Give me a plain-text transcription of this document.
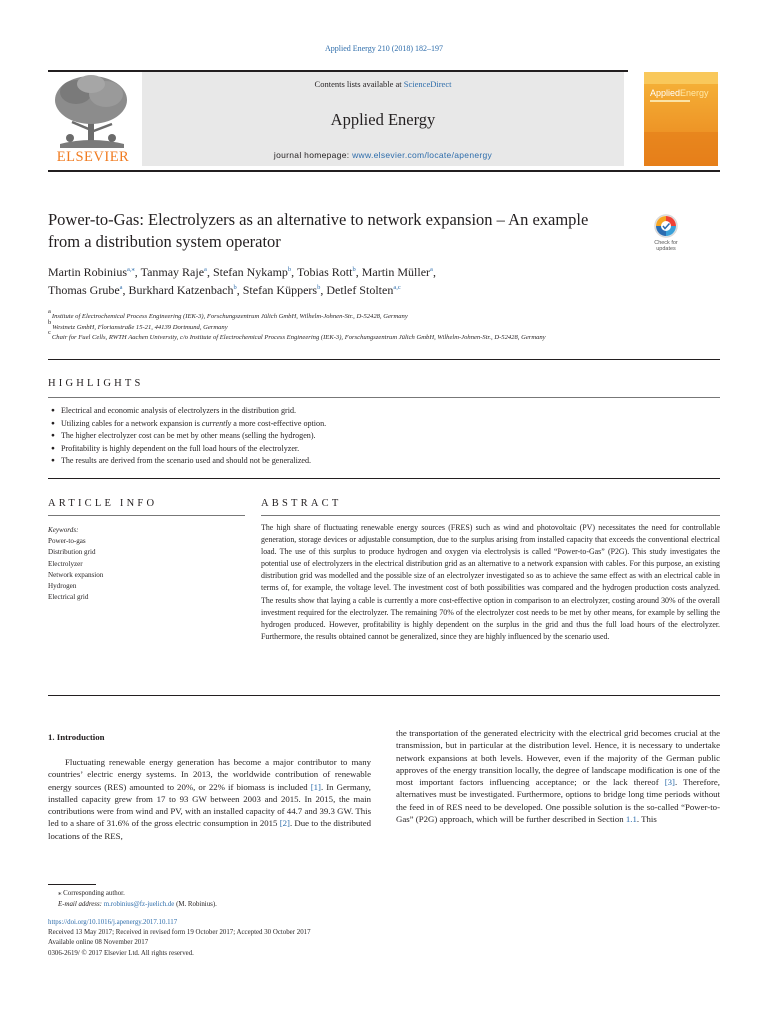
Applied Energy 210 (2018) 182–197
ELSEVIER
Contents lists available at ScienceDirect
Applied Energy
journal homepage: www.elsevier.com/locate/apenergy
Applied Energy
Power-to-Gas: Electrolyzers as an alternative to network expansion – An example from a distribution system operator	Check for
updates
Martin Robinius$^{a,⁎}$, Tanmay Raje$^a$, Stefan Nykamp$^b$, Tobias Rott$^b$, Martin Müller$^a$,
Thomas Grube$^a$, Burkhard Katzenbach$^b$, Stefan Küppers$^b$, Detlef Stolten$^{a,c}$
$^a$Institute of Electrochemical Process Engineering (IEK-3), Forschungszentrum Jülich GmbH, Wilhelm-Johnen-Str., D-52428, Germany
$^b$Westnetz GmbH, Florianstraße 15-21, 44139 Dortmund, Germany
$^c$Chair for Fuel Cells, RWTH Aachen University, c/o Institute of Electrochemical Process Engineering (IEK-3), Forschungszentrum Jülich GmbH, Wilhelm-Johnen-Str., D-52428, Germany
HIGHLIGHTS
● Electrical and economic analysis of electrolyzers in the distribution grid.
● Utilizing cables for a network expansion is currently a more cost-effective option.
● The higher electrolyzer cost can be met by other means (selling the hydrogen).
● Profitability is highly dependent on the full load hours of the electrolyzer.
● The results are derived from the scenario used and should not be generalized.
ARTICLE INFO	ABSTRACT
Keywords:
Power-to-gas
Distribution grid
Electrolyzer
Network expansion
Hydrogen
Electrical grid

The high share of fluctuating renewable energy sources (FRES) such as wind and photovoltaic (PV) necessitates the need for controllable generation, storage devices or adjustable consumption, due to the surplus arising from installed capacity that exceeds the conventional electrical load. The use of this surplus to produce hydrogen and oxygen via electrolysis is called “Power-to-Gas” (P2G). This study investigates the potential use of electrolyzers in the electrical distribution grid as an alternative to a network expansion with cables. For this purpose, an existing distribution grid was modelled and the possible size of an electrolyzer investigated so as to achieve the same effect as with an electrical cable in terms of, for example, the voltage level. The investment cost of both possibilities was compared and the hydrogen production costs analyzed. The results show that laying a cable is currently a more cost-effective option in comparison to an electrolyzer, costing around 30% of the overall investment required for the electrolyzer. The remaining 70% of the electrolyzer cost needs to be met by other means, for example by selling the hydrogen produced. However, profitability is highly dependent on the surplus in the grid and thus the full load hours of the electrolyzer. Furthermore, the results obtained cannot be generalized, since they are highly influenced by the scenario used.

1. Introduction

Fluctuating renewable energy generation has become a major contributor to many countries’ electric energy systems. In 2013, the worldwide contribution of renewable energy sources (RES) amounted to 20%, or 22% if biomass is included [1]. In Germany, installed capacity grew from 17 to 93 GW between 2003 and 2015. In 2015, the main contributions were from wind and PV, with an installed capacity of 44.7 and 39.3 GW. This led to a share of 31.6% of the gross electric consumption in 2015 [2]. Due to the distributed locations of the RES,

the transportation of the generated electricity with the electrical grid becomes crucial at the transmission, but in particular at the distribution level. Hence, it is necessary to undertake network expansions at both levels. However, even if the majority of the German public approves of the energy transition locally, the degree of landscape modification is one of the most important factors influencing acceptance; or the lack thereof [3]. Therefore, alternatives must be investigated. Furthermore, options to bridge long time periods without the feed in of RES need to be developed. One possible solution is the so-called “Power-to-Gas” (P2G) approach, which will be further described in Section 1.1. This

⁎ Corresponding author.
E-mail address: m.robinius@fz-juelich.de (M. Robinius).
https://doi.org/10.1016/j.apenergy.2017.10.117
Received 13 May 2017; Received in revised form 19 October 2017; Accepted 30 October 2017
Available online 08 November 2017
0306-2619/ © 2017 Elsevier Ltd. All rights reserved.
